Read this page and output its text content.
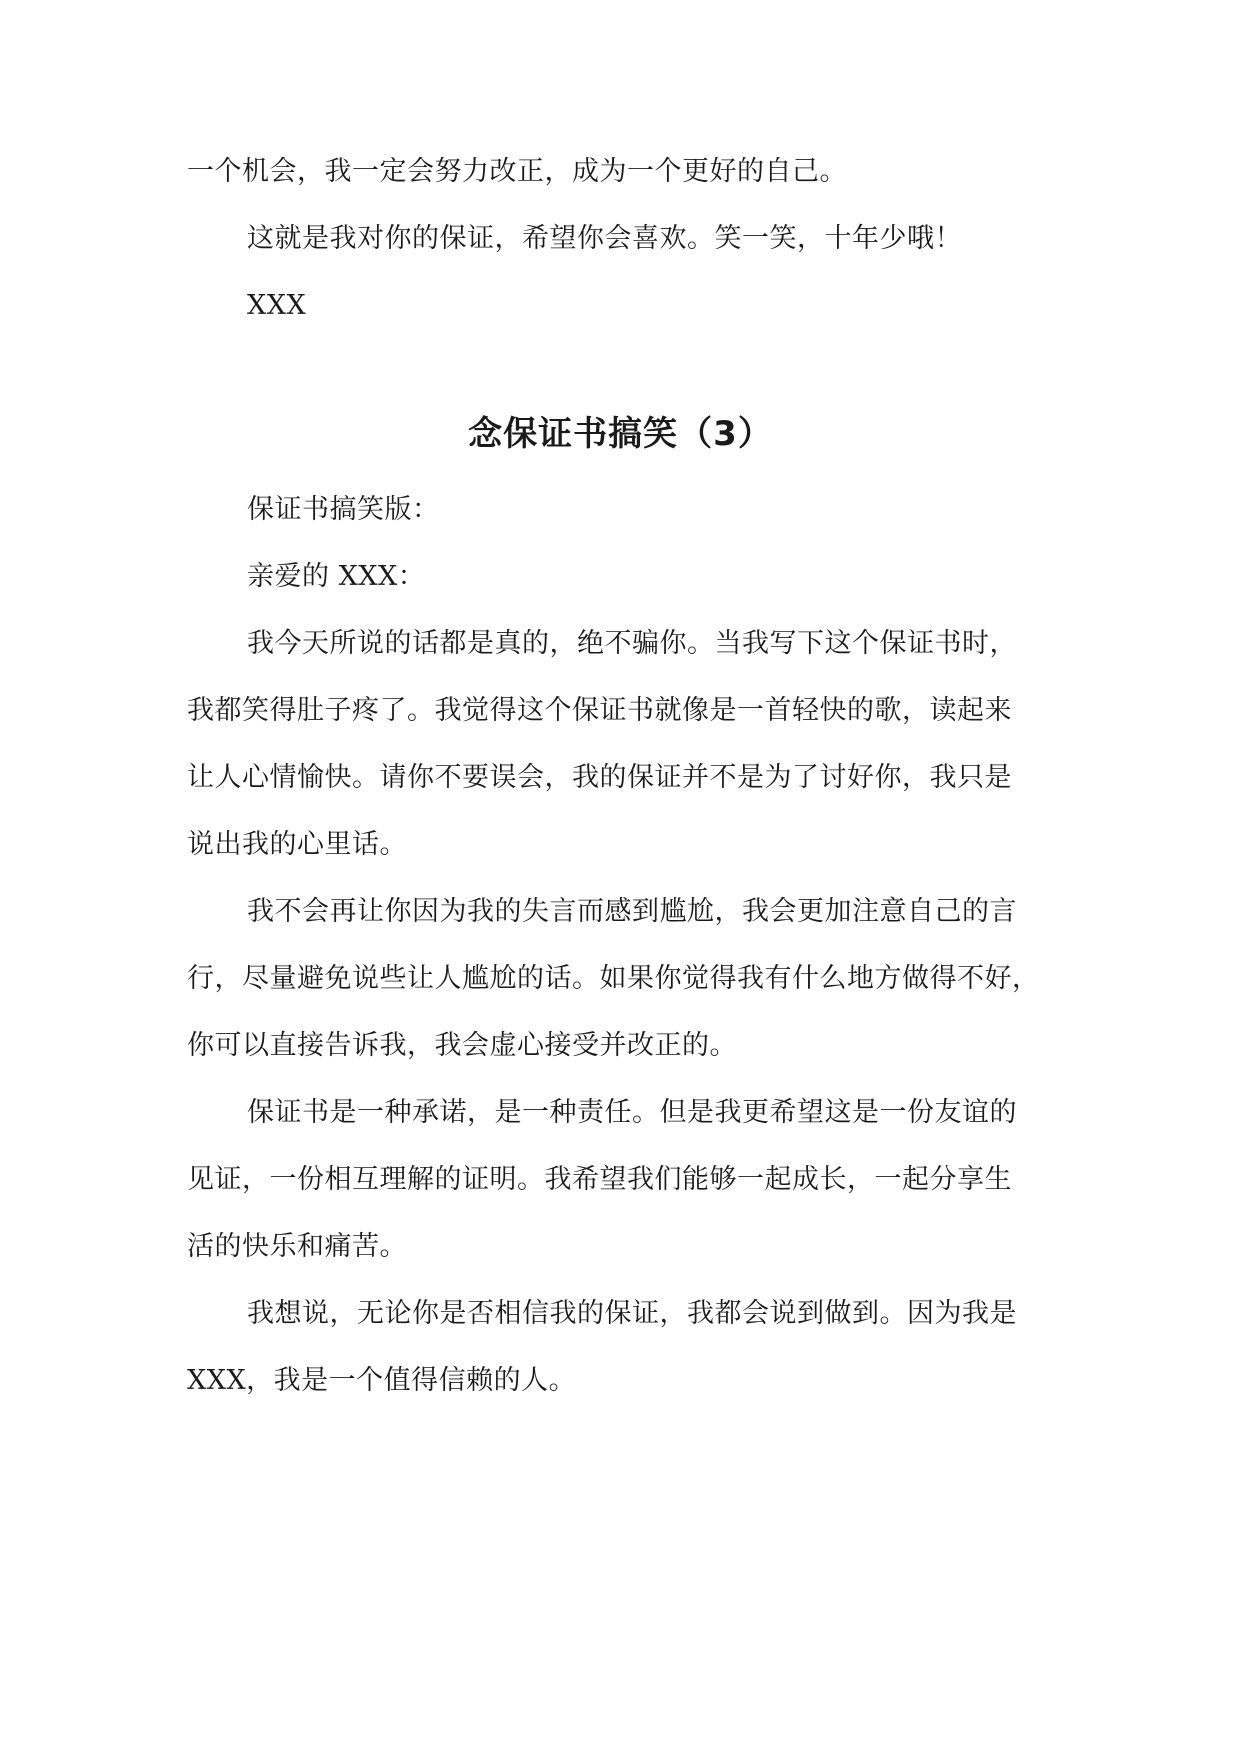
一个机会，我一定会努力改正，成为一个更好的自己。
这就是我对你的保证，希望你会喜欢。笑一笑，十年少哦！
XXX
念保证书搞笑（3）
保证书搞笑版：
亲爱的 XXX：
我今天所说的话都是真的，绝不骗你。当我写下这个保证书时，
我都笑得肚子疼了。我觉得这个保证书就像是一首轻快的歌，读起来
让人心情愉快。请你不要误会，我的保证并不是为了讨好你，我只是
说出我的心里话。
我不会再让你因为我的失言而感到尴尬，我会更加注意自己的言
行，尽量避免说些让人尴尬的话。如果你觉得我有什么地方做得不好，
你可以直接告诉我，我会虚心接受并改正的。
保证书是一种承诺，是一种责任。但是我更希望这是一份友谊的
见证，一份相互理解的证明。我希望我们能够一起成长，一起分享生
活的快乐和痛苦。
我想说，无论你是否相信我的保证，我都会说到做到。因为我是
XXX，我是一个值得信赖的人。
